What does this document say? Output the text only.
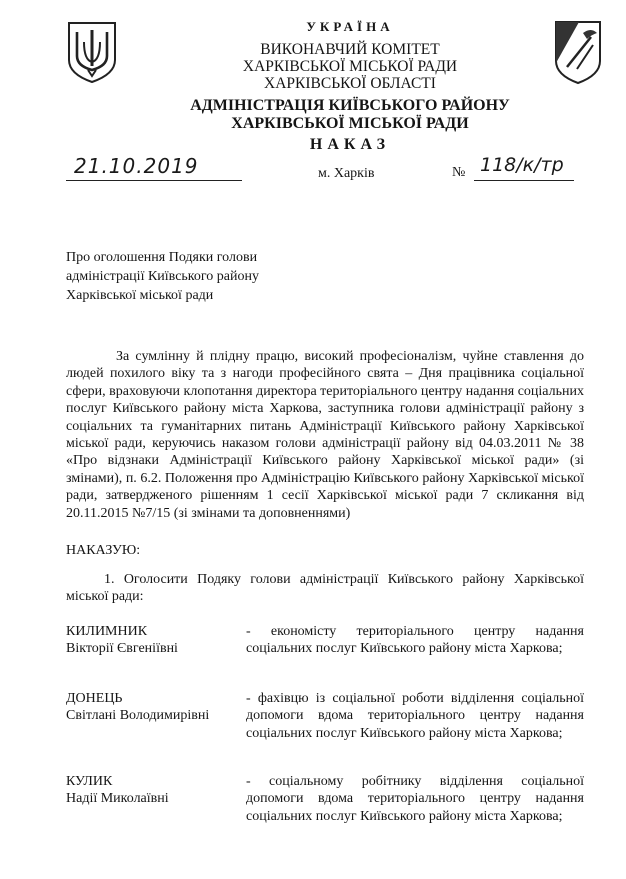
УКРАЇНА
ВИКОНАВЧИЙ КОМІТЕТ
ХАРКІВСЬКОЇ МІСЬКОЇ РАДИ
ХАРКІВСЬКОЇ ОБЛАСТІ
АДМІНІСТРАЦІЯ КИЇВСЬКОГО РАЙОНУ
ХАРКІВСЬКОЇ МІСЬКОЇ РАДИ
НАКАЗ
21.10.2019	м. Харків	№ 118/к/тр
Про оголошення Подяки голови
адміністрації Київського району
Харківської міської ради

За сумлінну й плідну працю, високий професіоналізм, чуйне ставлення до людей похилого віку та з нагоди професійного свята – Дня працівника соціальної сфери, враховуючи клопотання директора територіального центру надання соціальних послуг Київського району міста Харкова, заступника голови адміністрації району з соціальних та гуманітарних питань Адміністрації Київського району Харківської міської ради, керуючись наказом голови адміністрації району від 04.03.2011 № 38 «Про відзнаки Адміністрації Київського району Харківської міської ради» (зі змінами), п. 6.2. Положення про Адміністрацію Київського району Харківської міської ради, затвердженого рішенням 1 сесії Харківської міської ради 7 скликання від 20.11.2015 №7/15 (зі змінами та доповненнями)

НАКАЗУЮ:

1. Оголосити Подяку голови адміністрації Київського району Харківської міської ради:

КИЛИМНИК
Вікторії Євгеніївні
- економісту територіального центру надання соціальних послуг Київського району міста Харкова;
ДОНЕЦЬ
Світлані Володимирівні
- фахівцю із соціальної роботи відділення соціальної допомоги вдома територіального центру надання соціальних послуг Київського району міста Харкова;
КУЛИК
Надії Миколаївні
- соціальному робітнику відділення соціальної допомоги вдома територіального центру надання соціальних послуг Київського району міста Харкова;
